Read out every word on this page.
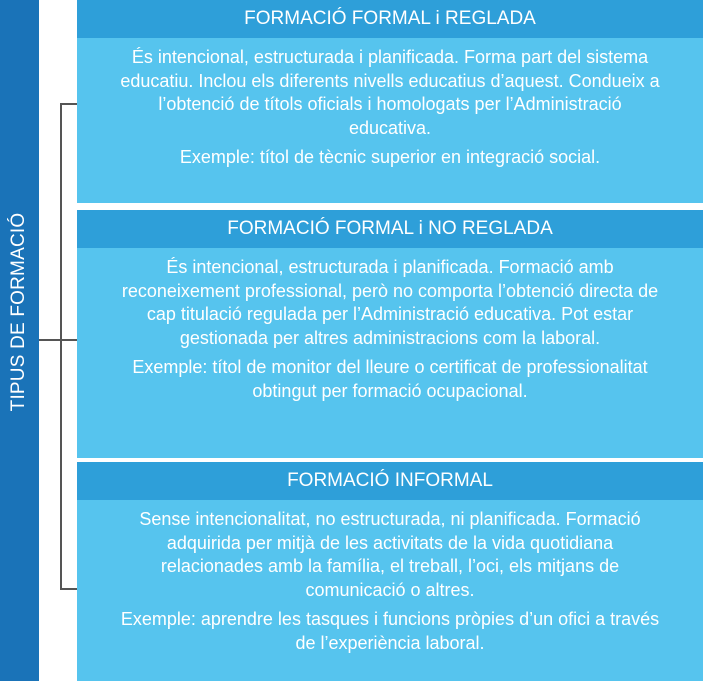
TIPUS DE FORMACIÓ
FORMACIÓ FORMAL i REGLADA

És intencional, estructurada i planificada. Forma part del sistema educatiu. Inclou els diferents nivells educatius d’aquest. Condueix a l’obtenció de títols oficials i homologats per l’Administració educativa.

Exemple: títol de tècnic superior en integració social.

FORMACIÓ FORMAL i NO REGLADA

És intencional, estructurada i planificada. Formació amb reconeixement professional, però no comporta l’obtenció directa de cap titulació regulada per l’Administració educativa. Pot estar gestionada per altres administracions com la laboral.

Exemple: títol de monitor del lleure o certificat de professionalitat obtingut per formació ocupacional.

FORMACIÓ INFORMAL

Sense intencionalitat, no estructurada, ni planificada. Formació adquirida per mitjà de les activitats de la vida quotidiana relacionades amb la família, el treball, l’oci, els mitjans de comunicació o altres.

Exemple: aprendre les tasques i funcions pròpies d’un ofici a través de l’experiència laboral.
